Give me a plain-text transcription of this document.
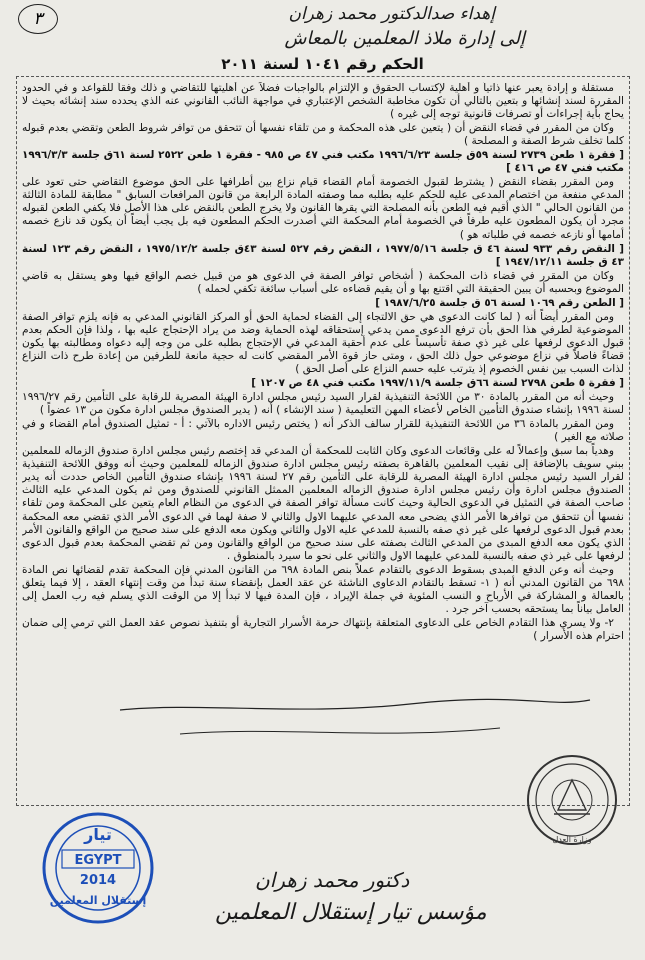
٣	إهداء صدالدكتور محمد زهران
إلى إدارة ملاذ المعلمين بالمعاش
الحكم رقم ١٠٤١ لسنة ٢٠١١

مستقلة و إرادة يعبر عنها ذاتياً و أهلية لإكتساب الحقوق و الإلتزام بالواجبات فضلاً عن أهليتها للتقاضي و ذلك وفقاً للقواعد و في الحدود المقررة لسند إنشائها و بتعين بالتالي أن تكون مخاطبة الشخص الإعتباري في مواجهة النائب القانوني عنه الذي يحدده سند إنشائه بحيث لا يحاج بأية إجراءات أو تصرفات قانونية توجه إلى غيره )

وكان من المقرر في قضاء النقض أن ( يتعين على هذه المحكمة و من تلقاء نفسها أن تتحقق من توافر شروط الطعن وتقضي بعدم قبوله كلما تخلف شرط الصفة و المصلحة )

[ فقرة ١ طعن ٢٧٣٩ لسنة ٥٩ق جلسة ١٩٩٦/٦/٢٣ مكتب فني ٤٧ ص ٩٨٥ - فقرة ١ طعن ٢٥٢٢ لسنة ٦١ق جلسة ١٩٩٦/٣/٣ مكتب فني ٤٧ ص ٤١٦ ]

ومن المقرر بقضاء النقض ( يشترط لقبول الخصومة أمام القضاء قيام نزاع بين أطرافها على الحق موضوع التقاضي حتى تعود على المدعي منفعة من اختصام المدعى عليه للحكم عليه بطلبه مما وصفته المادة الرابعة من قانون المرافعات السابق " مطابقة للمادة الثالثة من القانون الحالي " الذي أقيم فيه الطعن بأنه المصلحة التي يقرها القانون ولا يخرج الطعن بالنقض على هذا الأصل فلا يكفي الطعن لقبوله مجرد أن يكون المطعون عليه طرفاً في الخصومة أمام المحكمة التي أصدرت الحكم المطعون فيه بل يجب أيضاً أن يكون قد نازع خصمه أمامها أو نازعه خصمه في طلباته هو )

[ النقض رقم ٩٣٣ لسنة ٤٦ ق جلسة ١٩٧٧/٥/١٦ ، النقض رقم ٥٢٧ لسنة ٤٣ق جلسة ١٩٧٥/١٢/٢ ، النقض رقم ١٢٣ لسنة ٤٣ ق جلسة ١٩٤٧/١٢/١١ ]

وكان من المقرر في قضاء ذات المحكمة ( أشخاص توافر الصفة في الدعوى هو من قبيل خصم الواقع فيها وهو يستقل به قاضي الموضوع وبحسبه أن يبين الحقيقة التي اقتنع بها و أن يقيم قضاءه على أسباب سائغة تكفي لحمله )

[ الطعن رقم ١٠٦٩ لسنة ٥٦ ق جلسة ١٩٨٧/٦/٢٥ ]

ومن المقرر أيضاً أنه ( لما كانت الدعوى هي حق الالتجاء إلى القضاء لحماية الحق أو المركز القانوني المدعي به فإنه يلزم توافر الصفة الموضوعية لطرفي هذا الحق بأن ترفع الدعوى ممن يدعي إستحقاقه لهذه الحماية وضد من يراد الإحتجاج عليه بها ، ولذا فإن الحكم بعدم قبول الدعوى لرفعها على غير ذي صفة تأسيساً على عدم أحقية المدعي في الإحتجاج بطلبه على من وجه إليه دعواه ومطالبته بها يكون قضاءً فاصلاً في نزاع موضوعي حول ذلك الحق ، ومتى حاز قوة الأمر المقضي كانت له حجية مانعة للطرفين من إعادة طرح ذات النزاع لذات السبب بين نفس الخصوم إذ يترتب عليه حسم النزاع على أصل الحق )

[ فقرة ٥ طعن ٢٧٩٨ لسنة ٦٦ق جلسة ١٩٩٧/١١/٩ مكتب فني ٤٨ ص ١٢٠٧ ]

وحيث أنه من المقرر بالمادة ٣٠ من اللائحة التنفيذية لقرار السيد رئيس مجلس ادارة الهيئة المصرية للرقابة على التأمين رقم ١٩٩٦/٢٧ لسنة ١٩٩٦ بإنشاء صندوق التأمين الخاص لأعضاء المهن التعليمية ( سند الإنشاء ) أنه ( يدير الصندوق مجلس ادارة مكون من ١٣ عضواً )

ومن المقرر بالمادة ٣٦ من اللائحة التنفيذية للقرار سالف الذكر أنه ( يختص رئيس الاداره بالآتي : أ - تمثيل الصندوق أمام القضاء و في صلاته مع الغير )

وهدياً بما سبق وإعمالاً له على وقائعات الدعوى وكان الثابت للمحكمة أن المدعي قد إختصم رئيس مجلس ادارة صندوق الزماله للمعلمين ببني سويف بالإضافة إلى نقيب المعلمين بالقاهرة بصفته رئيس مجلس ادارة صندوق الزماله للمعلمين وحيث أنه ووفق اللائحة التنفيذية لقرار السيد رئيس مجلس ادارة الهيئة المصرية للرقابة على التأمين رقم ٢٧ لسنة ١٩٩٦ بإنشاء صندوق التأمين الخاص حددت أنه يدير الصندوق مجلس ادارة وأن رئيس مجلس ادارة صندوق الزماله المعلمين الممثل القانوني للصندوق ومن ثم يكون المدعي عليه الثالث صاحب الصفة في التمثيل في الدعوى الحالية وحيث كانت مسألة توافر الصفة في الدعوى من النظام العام يتعين على المحكمة ومن تلقاء نفسها أن تتحقق من توافرها الأمر الذي يضحى معه المدعي عليهما الاول والثاني لا صفة لهما في الدعوى الأمر الذي تقضي معه المحكمة بعدم قبول الدعوى لرفعها على غير ذي صفه بالنسبة للمدعي عليه الاول والثاني ويكون معه الدفع على سند صحيح من الواقع والقانون الأمر الذي يكون معه الدفع المبدى من المدعي الثالث بصفته على سند صحيح من الواقع والقانون ومن ثم تقضي المحكمة بعدم قبول الدعوى لرفعها على غير ذي صفه بالنسبة للمدعي عليهما الاول والثاني على نحو ما سيرد بالمنطوق .

وحيث أنه وعن الدفع المبدى بسقوط الدعوى بالتقادم عملاً بنص المادة ٦٩٨ من القانون المدني فإن المحكمة تقدم لقضائها نص المادة ٦٩٨ من القانون المدني أنه ( ١- تسقط بالتقادم الدعاوى الناشئة عن عقد العمل بإنقضاء سنة تبدأ من وقت إنتهاء العقد ، إلا فيما يتعلق بالعمالة و المشاركة في الأرباح و النسب المئوية في جملة الإيراد ، فإن المدة فيها لا تبدأ إلا من الوقت الذي يسلم فيه رب العمل إلى العامل بياناً بما يستحقه بحسب آخر جرد .

٢- ولا يسري هذا التقادم الخاص على الدعاوى المتعلقة بإنتهاك حرمة الأسرار التجارية أو بتنفيذ نصوص عقد العمل التي ترمي إلى ضمان احترام هذه الأسرار )

وزارة العدل
تيار
EGYPT
2014
إستقلال المعلمين
دكتور محمد زهران
مؤسس تيار إستقلال المعلمين
